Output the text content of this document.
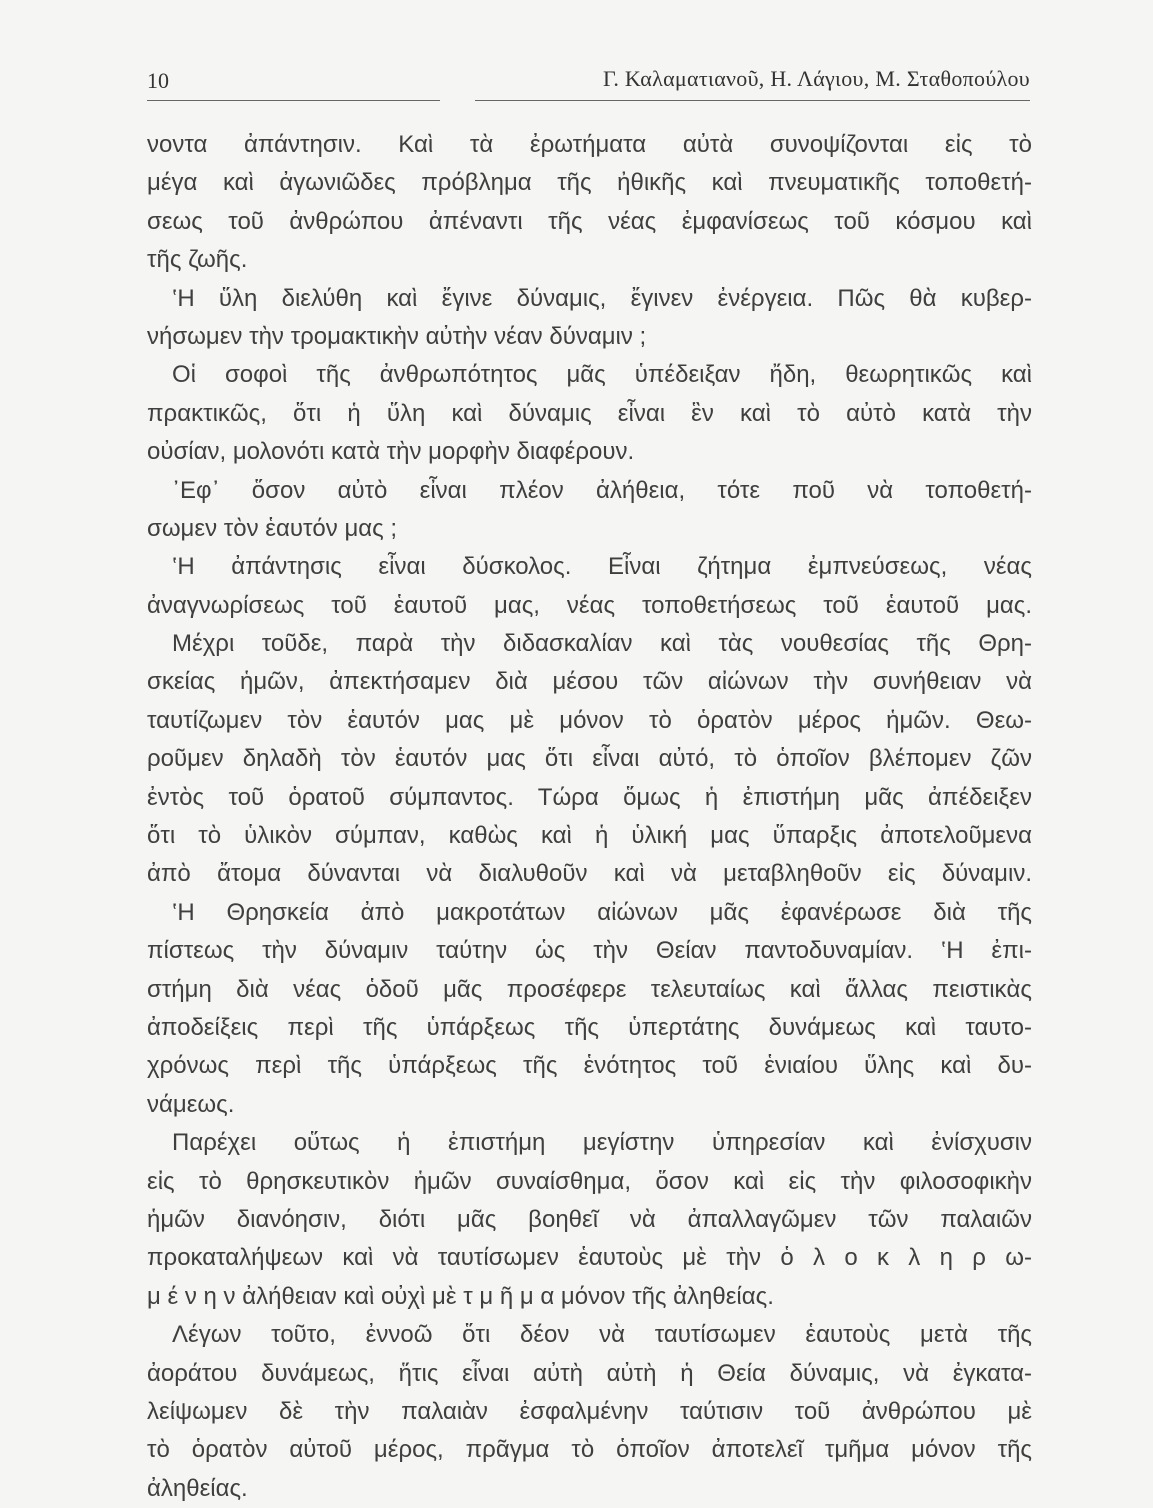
10	Γ. Καλαματιανοῦ, Η. Λάγιου, Μ. Σταθοπούλου
νοντα ἀπάντησιν. Καὶ τὰ ἐρωτήματα αὐτὰ συνοψίζονται εἰς τὸ
μέγα καὶ ἀγωνιῶδες πρόβλημα τῆς ἠθικῆς καὶ πνευματικῆς τοποθετή-
σεως τοῦ ἀνθρώπου ἀπέναντι τῆς νέας ἐμφανίσεως τοῦ κόσμου καὶ
τῆς ζωῆς.
‛Η ὕλη διελύθη καὶ ἔγινε δύναμις, ἔγινεν ἐνέργεια. Πῶς θὰ κυβερ-
νήσωμεν τὴν τρομακτικὴν αὐτὴν νέαν δύναμιν ;
Οἱ σοφοὶ τῆς ἀνθρωπότητος μᾶς ὑπέδειξαν ἤδη, θεωρητικῶς καὶ
πρακτικῶς, ὅτι ἡ ὕλη καὶ δύναμις εἶναι ἓν καὶ τὸ αὐτὸ κατὰ τὴν
οὐσίαν, μολονότι κατὰ τὴν μορφὴν διαφέρουν.
᾿Εφ᾿ ὅσον αὐτὸ εἶναι πλέον ἀλήθεια, τότε ποῦ νὰ τοποθετή-
σωμεν τὸν ἑαυτόν μας ;
‛Η ἀπάντησις εἶναι δύσκολος. Εἶναι ζήτημα ἐμπνεύσεως, νέας
ἀναγνωρίσεως τοῦ ἑαυτοῦ μας, νέας τοποθετήσεως τοῦ ἑαυτοῦ μας.
Μέχρι τοῦδε, παρὰ τὴν διδασκαλίαν καὶ τὰς νουθεσίας τῆς Θρη-
σκείας ἡμῶν, ἀπεκτήσαμεν διὰ μέσου τῶν αἰώνων τὴν συνήθειαν νὰ
ταυτίζωμεν τὸν ἑαυτόν μας μὲ μόνον τὸ ὁρατὸν μέρος ἡμῶν. Θεω-
ροῦμεν δηλαδὴ τὸν ἑαυτόν μας ὅτι εἶναι αὐτό, τὸ ὁποῖον βλέπομεν ζῶν
ἐντὸς τοῦ ὁρατοῦ σύμπαντος. Τώρα ὅμως ἡ ἐπιστήμη μᾶς ἀπέδειξεν
ὅτι τὸ ὑλικὸν σύμπαν, καθὼς καὶ ἡ ὑλική μας ὕπαρξις ἀποτελοῦμενα
ἀπὸ ἄτομα δύνανται νὰ διαλυθοῦν καὶ νὰ μεταβληθοῦν εἰς δύναμιν.
‛Η Θρησκεία ἀπὸ μακροτάτων αἰώνων μᾶς ἐφανέρωσε διὰ τῆς
πίστεως τὴν δύναμιν ταύτην ὡς τὴν Θείαν παντοδυναμίαν. ‛Η ἐπι-
στήμη διὰ νέας ὁδοῦ μᾶς προσέφερε τελευταίως καὶ ἄλλας πειστικὰς
ἀποδείξεις περὶ τῆς ὑπάρξεως τῆς ὑπερτάτης δυνάμεως καὶ ταυτο-
χρόνως περὶ τῆς ὑπάρξεως τῆς ἑνότητος τοῦ ἑνιαίου ὕλης καὶ δυ-
νάμεως.
Παρέχει οὕτως ἡ ἐπιστήμη μεγίστην ὑπηρεσίαν καὶ ἐνίσχυσιν
εἰς τὸ θρησκευτικὸν ἡμῶν συναίσθημα, ὅσον καὶ εἰς τὴν φιλοσοφικὴν
ἡμῶν διανόησιν, διότι μᾶς βοηθεῖ νὰ ἀπαλλαγῶμεν τῶν παλαιῶν
προκαταλήψεων καὶ νὰ ταυτίσωμεν ἑαυτοὺς μὲ τὴν ὁ λ ο κ λ η ρ ω-
μ έ ν η ν ἀλήθειαν καὶ οὐχὶ μὲ τ μ ῆ μ α μόνον τῆς ἀληθείας.
Λέγων τοῦτο, ἐννοῶ ὅτι δέον νὰ ταυτίσωμεν ἑαυτοὺς μετὰ τῆς
ἀοράτου δυνάμεως, ἥτις εἶναι αὐτὴ αὐτὴ ἡ Θεία δύναμις, νὰ ἐγκατα-
λείψωμεν δὲ τὴν παλαιὰν ἐσφαλμένην ταύτισιν τοῦ ἀνθρώπου μὲ
τὸ ὁρατὸν αὐτοῦ μέρος, πρᾶγμα τὸ ὁποῖον ἀποτελεῖ τμῆμα μόνον τῆς
ἀληθείας.
